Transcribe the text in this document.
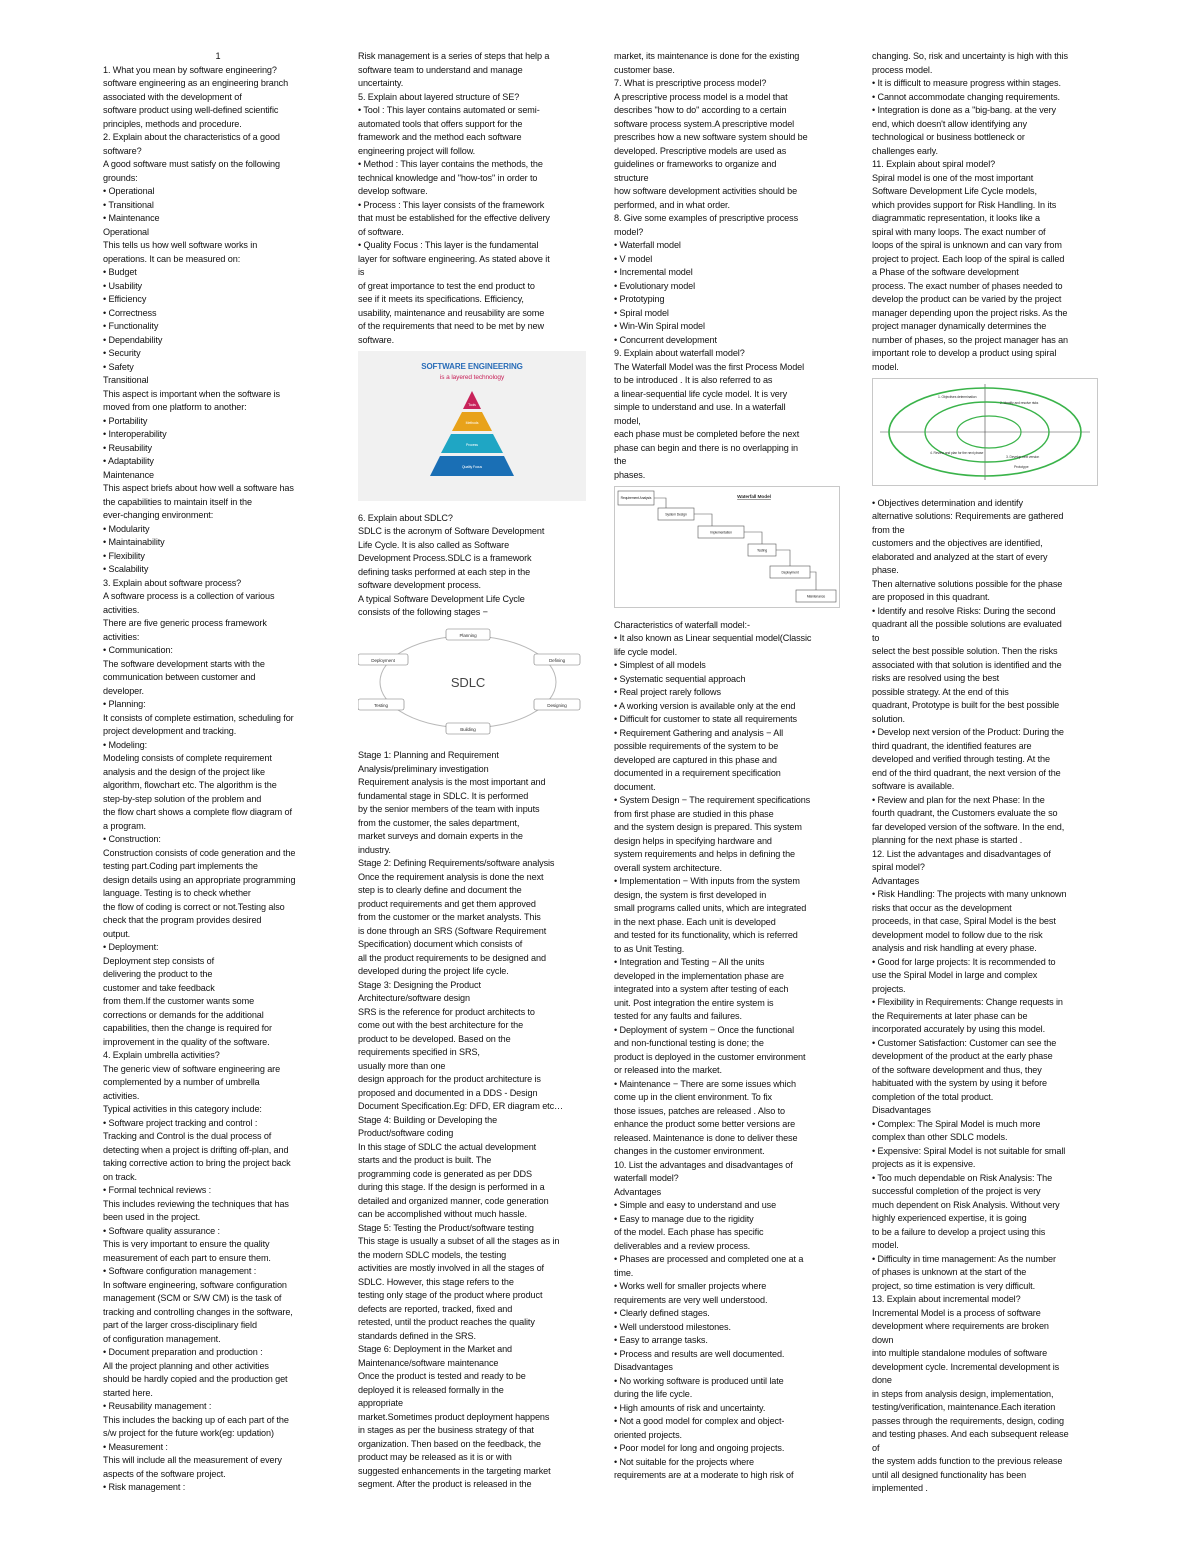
1
1. What you mean by software engineering?
software engineering as an engineering branch
associated with the development of
software product using well-defined scientific
principles, methods and procedure.
2. Explain about the characteristics of a good
software?
A good software must satisfy on the following
grounds:
• Operational
• Transitional
• Maintenance
Operational
This tells us how well software works in
operations. It can be measured on:
• Budget
• Usability
• Efficiency
• Correctness
• Functionality
• Dependability
• Security
• Safety
Transitional
This aspect is important when the software is
moved from one platform to another:
• Portability
• Interoperability
• Reusability
• Adaptability
Maintenance
This aspect briefs about how well a software has
the capabilities to maintain itself in the
ever-changing environment:
• Modularity
• Maintainability
• Flexibility
• Scalability
3. Explain about software process?
A software process is a collection of various
activities.
There are five generic process framework
activities:
• Communication:
The software development starts with the
communication between customer and
developer.
• Planning:
It consists of complete estimation, scheduling for
project development and tracking.
• Modeling:
Modeling consists of complete requirement
analysis and the design of the project like
algorithm, flowchart etc. The algorithm is the
step-by-step solution of the problem and
the flow chart shows a complete flow diagram of
a program.
• Construction:
Construction consists of code generation and the
testing part.Coding part implements the
design details using an appropriate programming
language. Testing is to check whether
the flow of coding is correct or not.Testing also
check that the program provides desired
output.
• Deployment:
Deployment step consists of
delivering the product to the
customer and take feedback
from them.If the customer wants some
corrections or demands for the additional
capabilities, then the change is required for
improvement in the quality of the software.
4. Explain umbrella activities?
The generic view of software engineering are
complemented by a number of umbrella
activities.
Typical activities in this category include:
• Software project tracking and control :
Tracking and Control is the dual process of
detecting when a project is drifting off-plan, and
taking corrective action to bring the project back
on track.
• Formal technical reviews :
This includes reviewing the techniques that has
been used in the project.
• Software quality assurance :
This is very important to ensure the quality
measurement of each part to ensure them.
• Software configuration management :
In software engineering, software configuration
management (SCM or S/W CM) is the task of
tracking and controlling changes in the software,
part of the larger cross-disciplinary field
of configuration management.
• Document preparation and production :
All the project planning and other activities
should be hardly copied and the production get
started here.
• Reusability management :
This includes the backing up of each part of the
s/w project for the future work(eg: updation)
• Measurement :
This will include all the measurement of every
aspects of the software project.
• Risk management :
Risk management is a series of steps that help a
software team to understand and manage
uncertainty.
5. Explain about layered structure of SE?
• Tool : This layer contains automated or semi-
automated tools that offers support for the
framework and the method each software
engineering project will follow.
• Method : This layer contains the methods, the
technical knowledge and "how-tos" in order to
develop software.
• Process : This layer consists of the framework
that must be established for the effective delivery
of software.
• Quality Focus : This layer is the fundamental
layer for software engineering. As stated above it
is
of great importance to test the end product to
see if it meets its specifications. Efficiency,
usability, maintenance and reusability are some
of the requirements that need to be met by new
software.
SOFTWARE ENGINEERING
is a layered technology
Tools
Methods
Process
Quality Focus
6. Explain about SDLC?
SDLC is the acronym of Software Development
Life Cycle. It is also called as Software
Development Process.SDLC is a framework
defining tasks performed at each step in the
software development process.
A typical Software Development Life Cycle
consists of the following stages −
SDLC
Planning
Defining
Designing
Building
Testing
Deployment
Stage 1: Planning and Requirement
Analysis/preliminary investigation
Requirement analysis is the most important and
fundamental stage in SDLC. It is performed
by the senior members of the team with inputs
from the customer, the sales department,
market surveys and domain experts in the
industry.
Stage 2: Defining Requirements/software analysis
Once the requirement analysis is done the next
step is to clearly define and document the
product requirements and get them approved
from the customer or the market analysts. This
is done through an SRS (Software Requirement
Specification) document which consists of
all the product requirements to be designed and
developed during the project life cycle.
Stage 3: Designing the Product
Architecture/software design
SRS is the reference for product architects to
come out with the best architecture for the
product to be developed. Based on the
requirements specified in SRS,
usually more than one
design approach for the product architecture is
proposed and documented in a DDS - Design
Document Specification.Eg: DFD, ER diagram etc…
Stage 4: Building or Developing the
Product/software coding
In this stage of SDLC the actual development
starts and the product is built. The
programming code is generated as per DDS
during this stage. If the design is performed in a
detailed and organized manner, code generation
can be accomplished without much hassle.
Stage 5: Testing the Product/software testing
This stage is usually a subset of all the stages as in
the modern SDLC models, the testing
activities are mostly involved in all the stages of
SDLC. However, this stage refers to the
testing only stage of the product where product
defects are reported, tracked, fixed and
retested, until the product reaches the quality
standards defined in the SRS.
Stage 6: Deployment in the Market and
Maintenance/software maintenance
Once the product is tested and ready to be
deployed it is released formally in the
appropriate
market.Sometimes product deployment happens
in stages as per the business strategy of that
organization. Then based on the feedback, the
product may be released as it is or with
suggested enhancements in the targeting market
segment. After the product is released in the
market, its maintenance is done for the existing
customer base.
7. What is prescriptive process model?
A prescriptive process model is a model that
describes "how to do" according to a certain
software process system.A prescriptive model
prescribes how a new software system should be
developed. Prescriptive models are used as
guidelines or frameworks to organize and
structure
how software development activities should be
performed, and in what order.
8. Give some examples of prescriptive process
model?
• Waterfall model
• V model
• Incremental model
• Evolutionary model
• Prototyping
• Spiral model
• Win-Win Spiral model
• Concurrent development
9. Explain about waterfall model?
The Waterfall Model was the first Process Model
to be introduced . It is also referred to as
a linear-sequential life cycle model. It is very
simple to understand and use. In a waterfall
model,
each phase must be completed before the next
phase can begin and there is no overlapping in
the
phases.
Waterfall Model
Requirement Analysis
System Design
Implementation
Testing
Deployment
Maintenance
Characteristics of waterfall model:-
• It also known as Linear sequential model(Classic
life cycle model.
• Simplest of all models
• Systematic sequential approach
• Real project rarely follows
• A working version is available only at the end
• Difficult for customer to state all requirements
• Requirement Gathering and analysis − All
possible requirements of the system to be
developed are captured in this phase and
documented in a requirement specification
document.
• System Design − The requirement specifications
from first phase are studied in this phase
and the system design is prepared. This system
design helps in specifying hardware and
system requirements and helps in defining the
overall system architecture.
• Implementation − With inputs from the system
design, the system is first developed in
small programs called units, which are integrated
in the next phase. Each unit is developed
and tested for its functionality, which is referred
to as Unit Testing.
• Integration and Testing − All the units
developed in the implementation phase are
integrated into a system after testing of each
unit. Post integration the entire system is
tested for any faults and failures.
• Deployment of system − Once the functional
and non-functional testing is done; the
product is deployed in the customer environment
or released into the market.
• Maintenance − There are some issues which
come up in the client environment. To fix
those issues, patches are released . Also to
enhance the product some better versions are
released. Maintenance is done to deliver these
changes in the customer environment.
10. List the advantages and disadvantages of
waterfall model?
Advantages
• Simple and easy to understand and use
• Easy to manage due to the rigidity
of the model. Each phase has specific
deliverables and a review process.
• Phases are processed and completed one at a
time.
• Works well for smaller projects where
requirements are very well understood.
• Clearly defined stages.
• Well understood milestones.
• Easy to arrange tasks.
• Process and results are well documented.
Disadvantages
• No working software is produced until late
during the life cycle.
• High amounts of risk and uncertainty.
• Not a good model for complex and object-
oriented projects.
• Poor model for long and ongoing projects.
• Not suitable for the projects where
requirements are at a moderate to high risk of
changing. So, risk and uncertainty is high with this
process model.
• It is difficult to measure progress within stages.
• Cannot accommodate changing requirements.
• Integration is done as a "big-bang. at the very
end, which doesn't allow identifying any
technological or business bottleneck or
challenges early.
11. Explain about spiral model?
Spiral model is one of the most important
Software Development Life Cycle models,
which provides support for Risk Handling. In its
diagrammatic representation, it looks like a
spiral with many loops. The exact number of
loops of the spiral is unknown and can vary from
project to project. Each loop of the spiral is called
a Phase of the software development
process. The exact number of phases needed to
develop the product can be varied by the project
manager depending upon the project risks. As the
project manager dynamically determines the
number of phases, so the project manager has an
important role to develop a product using spiral
model.
1. Objectives determination
2. Identify and resolve risks
3. Develop next version
4. Review and plan for the next phase
Prototype
• Objectives determination and identify
alternative solutions: Requirements are gathered
from the
customers and the objectives are identified,
elaborated and analyzed at the start of every
phase.
Then alternative solutions possible for the phase
are proposed in this quadrant.
• Identify and resolve Risks: During the second
quadrant all the possible solutions are evaluated
to
select the best possible solution. Then the risks
associated with that solution is identified and the
risks are resolved using the best
possible strategy. At the end of this
quadrant, Prototype is built for the best possible
solution.
• Develop next version of the Product: During the
third quadrant, the identified features are
developed and verified through testing. At the
end of the third quadrant, the next version of the
software is available.
• Review and plan for the next Phase: In the
fourth quadrant, the Customers evaluate the so
far developed version of the software. In the end,
planning for the next phase is started .
12. List the advantages and disadvantages of
spiral model?
Advantages
• Risk Handling: The projects with many unknown
risks that occur as the development
proceeds, in that case, Spiral Model is the best
development model to follow due to the risk
analysis and risk handling at every phase.
• Good for large projects: It is recommended to
use the Spiral Model in large and complex
projects.
• Flexibility in Requirements: Change requests in
the Requirements at later phase can be
incorporated accurately by using this model.
• Customer Satisfaction: Customer can see the
development of the product at the early phase
of the software development and thus, they
habituated with the system by using it before
completion of the total product.
Disadvantages
• Complex: The Spiral Model is much more
complex than other SDLC models.
• Expensive: Spiral Model is not suitable for small
projects as it is expensive.
• Too much dependable on Risk Analysis: The
successful completion of the project is very
much dependent on Risk Analysis. Without very
highly experienced expertise, it is going
to be a failure to develop a project using this
model.
• Difficulty in time management: As the number
of phases is unknown at the start of the
project, so time estimation is very difficult.
13. Explain about incremental model?
Incremental Model is a process of software
development where requirements are broken
down
into multiple standalone modules of software
development cycle. Incremental development is
done
in steps from analysis design, implementation,
testing/verification, maintenance.Each iteration
passes through the requirements, design, coding
and testing phases. And each subsequent release
of
the system adds function to the previous release
until all designed functionality has been
implemented .
